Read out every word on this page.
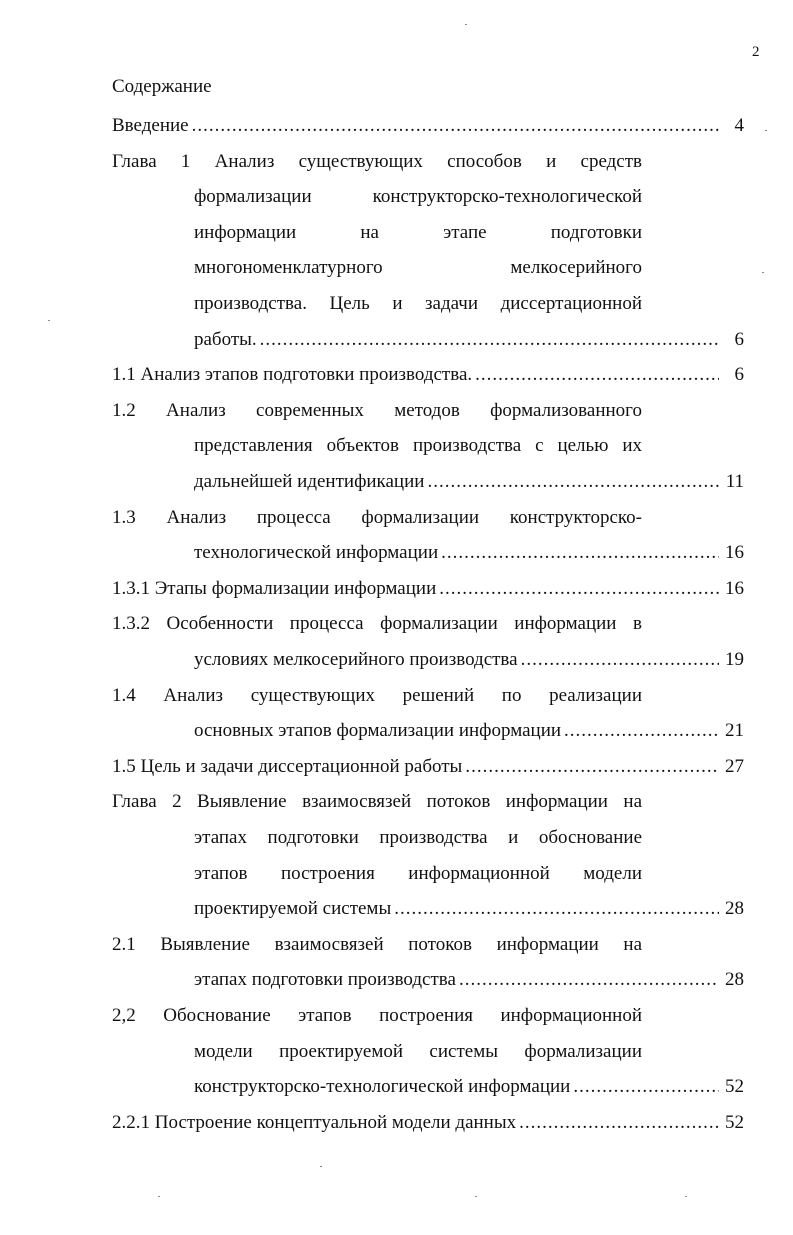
2
Содержание
Введение .....	4
Глава 1 Анализ существующих способов и средств
формализации конструкторско-технологической
информации на этапе подготовки
многономенклатурного мелкосерийного
производства. Цель и задачи диссертационной
работы. .....	6
1.1 Анализ этапов подготовки производства. .....	6
1.2 Анализ современных методов формализованного
представления объектов производства с целью их
дальнейшей идентификации .....	11
1.3 Анализ процесса формализации конструкторско-
технологической информации .....	16
1.3.1 Этапы формализации информации .....	16
1.3.2 Особенности процесса формализации информации в
условиях мелкосерийного производства .....	19
1.4 Анализ существующих решений по реализации
основных этапов формализации информации .....	21
1.5 Цель и задачи диссертационной работы .....	27
Глава 2 Выявление взаимосвязей потоков информации на
этапах подготовки производства и обоснование
этапов построения информационной модели
проектируемой системы .....	28
2.1 Выявление взаимосвязей потоков информации на
этапах подготовки производства .....	28
2,2 Обоснование этапов построения информационной
модели проектируемой системы формализации
конструкторско-технологической информации .....	52
2.2.1 Построение концептуальной модели данных .....	52
